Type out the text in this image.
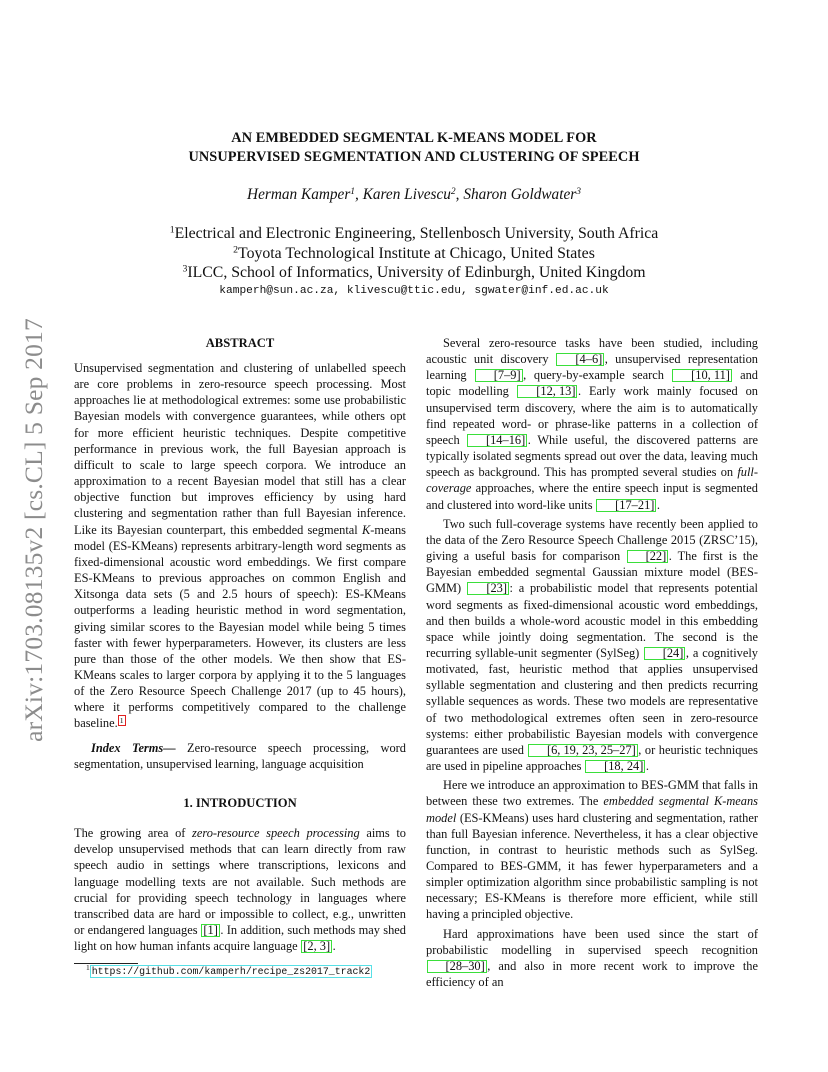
arXiv:1703.08135v2 [cs.CL] 5 Sep 2017
AN EMBEDDED SEGMENTAL K-MEANS MODEL FOR
UNSUPERVISED SEGMENTATION AND CLUSTERING OF SPEECH
Herman Kamper$^1$, Karen Livescu$^2$, Sharon Goldwater$^3$
$^1$Electrical and Electronic Engineering, Stellenbosch University, South Africa
$^2$Toyota Technological Institute at Chicago, United States
$^3$ILCC, School of Informatics, University of Edinburgh, United Kingdom
kamperh@sun.ac.za, klivescu@ttic.edu, sgwater@inf.ed.ac.uk
ABSTRACT

Unsupervised segmentation and clustering of unlabelled speech are core problems in zero-resource speech processing. Most approaches lie at methodological extremes: some use probabilistic Bayesian models with convergence guarantees, while others opt for more efficient heuristic techniques. Despite competitive performance in previous work, the full Bayesian approach is difficult to scale to large speech corpora. We introduce an approximation to a recent Bayesian model that still has a clear objective function but improves efficiency by using hard clustering and segmentation rather than full Bayesian inference. Like its Bayesian counterpart, this embedded segmental K-means model (ES-KMeans) represents arbitrary-length word segments as fixed-dimensional acoustic word embeddings. We first compare ES-KMeans to previous approaches on common English and Xitsonga data sets (5 and 2.5 hours of speech): ES-KMeans outperforms a leading heuristic method in word segmentation, giving similar scores to the Bayesian model while being 5 times faster with fewer hyperparameters. However, its clusters are less pure than those of the other models. We then show that ES-KMeans scales to larger corpora by applying it to the 5 languages of the Zero Resource Speech Challenge 2017 (up to 45 hours), where it performs competitively compared to the challenge baseline. $^1$

Index Terms— Zero-resource speech processing, word segmentation, unsupervised learning, language acquisition

1. INTRODUCTION

The growing area of zero-resource speech processing aims to develop unsupervised methods that can learn directly from raw speech audio in settings where transcriptions, lexicons and language modelling texts are not available. Such methods are crucial for providing speech technology in languages where transcribed data are hard or impossible to collect, e.g., unwritten or endangered languages [1] . In addition, such methods may shed light on how human infants acquire language [2, 3] .

Several zero-resource tasks have been studied, including acoustic unit discovery [4–6] , unsupervised representation learning [7–9] , query-by-example search [10, 11] and topic modelling [12, 13] . Early work mainly focused on unsupervised term discovery, where the aim is to automatically find repeated word- or phrase-like patterns in a collection of speech [14–16] . While useful, the discovered patterns are typically isolated segments spread out over the data, leaving much speech as background. This has prompted several studies on full-coverage approaches, where the entire speech input is segmented and clustered into word-like units [17–21] .

Two such full-coverage systems have recently been applied to the data of the Zero Resource Speech Challenge 2015 (ZRSC’15), giving a useful basis for comparison [22] . The first is the Bayesian embedded segmental Gaussian mixture model (BES-GMM) [23] : a probabilistic model that represents potential word segments as fixed-dimensional acoustic word embeddings, and then builds a whole-word acoustic model in this embedding space while jointly doing segmentation. The second is the recurring syllable-unit segmenter (SylSeg) [24] , a cognitively motivated, fast, heuristic method that applies unsupervised syllable segmentation and clustering and then predicts recurring syllable sequences as words. These two models are representative of two methodological extremes often seen in zero-resource systems: either probabilistic Bayesian models with convergence guarantees are used [6, 19, 23, 25–27] , or heuristic techniques are used in pipeline approaches [18, 24] .

Here we introduce an approximation to BES-GMM that falls in between these two extremes. The embedded segmental K-means model (ES-KMeans) uses hard clustering and segmentation, rather than full Bayesian inference. Nevertheless, it has a clear objective function, in contrast to heuristic methods such as SylSeg. Compared to BES-GMM, it has fewer hyperparameters and a simpler optimization algorithm since probabilistic sampling is not necessary; ES-KMeans is therefore more efficient, while still having a principled objective.

Hard approximations have been used since the start of probabilistic modelling in supervised speech recognition [28–30] , and also in more recent work to improve the efficiency of an

$^1$ https://github.com/kamperh/recipe_zs2017_track2
